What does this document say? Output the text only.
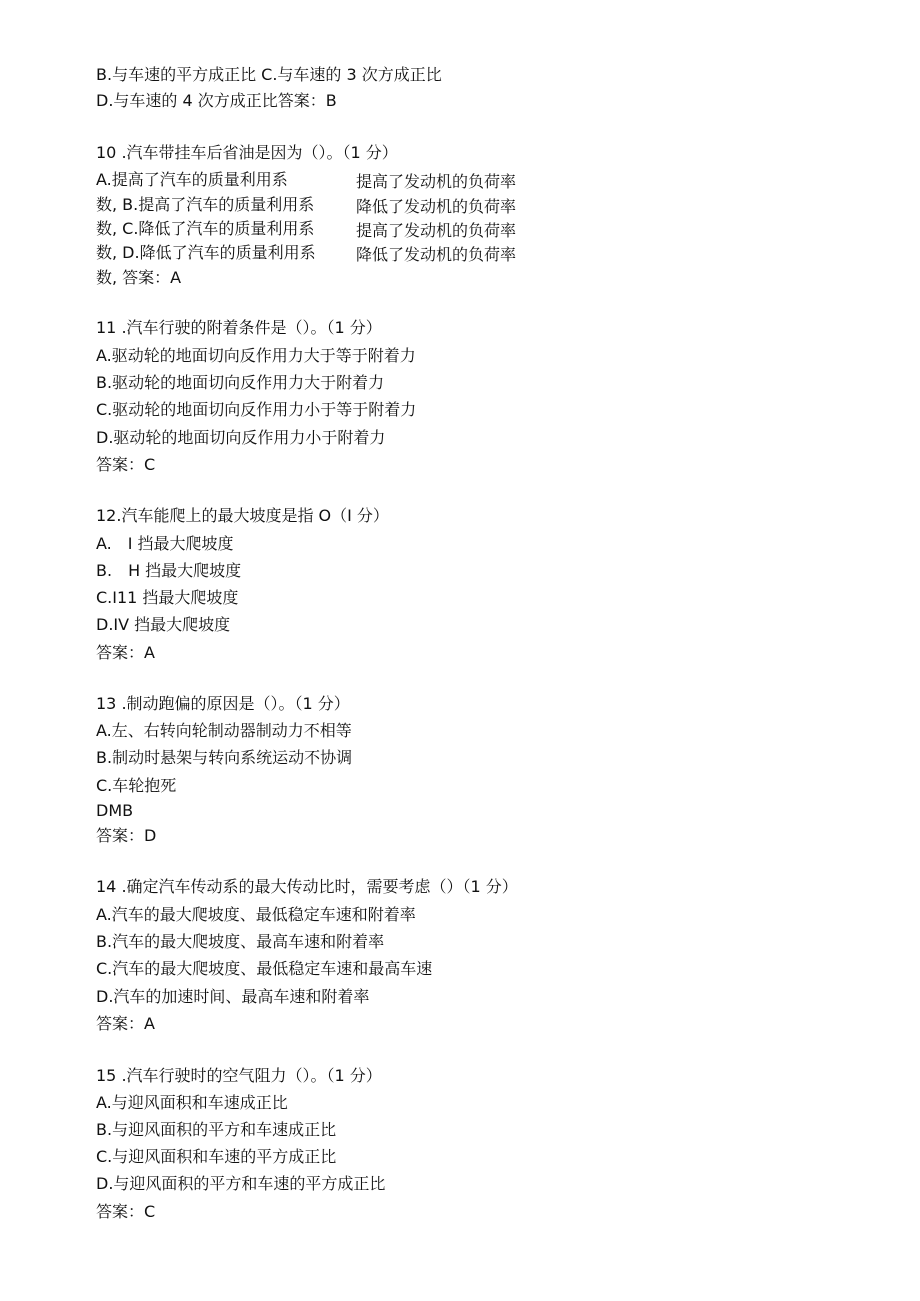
B.与车速的平方成正比 C.与车速的 3 次方成正比
D.与车速的 4 次方成正比答案：B
10 .汽车带挂车后省油是因为（）。（1 分）
A.提高了汽车的质量利用系	提高了发动机的负荷率
数, B.提高了汽车的质量利用系	降低了发动机的负荷率
数, C.降低了汽车的质量利用系	提高了发动机的负荷率
数, D.降低了汽车的质量利用系	降低了发动机的负荷率
数, 答案：A
11 .汽车行驶的附着条件是（）。（1 分）
A.驱动轮的地面切向反作用力大于等于附着力
B.驱动轮的地面切向反作用力大于附着力
C.驱动轮的地面切向反作用力小于等于附着力
D.驱动轮的地面切向反作用力小于附着力
答案：C
12.汽车能爬上的最大坡度是指 O（I 分）
A.　I 挡最大爬坡度
B.　H 挡最大爬坡度
C.I11 挡最大爬坡度
D.IV 挡最大爬坡度
答案：A
13 .制动跑偏的原因是（）。（1 分）
A.左、右转向轮制动器制动力不相等
B.制动时悬架与转向系统运动不协调
C.车轮抱死
DMB
答案：D
14 .确定汽车传动系的最大传动比时，需要考虑（）（1 分）
A.汽车的最大爬坡度、最低稳定车速和附着率
B.汽车的最大爬坡度、最高车速和附着率
C.汽车的最大爬坡度、最低稳定车速和最高车速
D.汽车的加速时间、最高车速和附着率
答案：A
15 .汽车行驶时的空气阻力（）。（1 分）
A.与迎风面积和车速成正比
B.与迎风面积的平方和车速成正比
C.与迎风面积和车速的平方成正比
D.与迎风面积的平方和车速的平方成正比
答案：C
